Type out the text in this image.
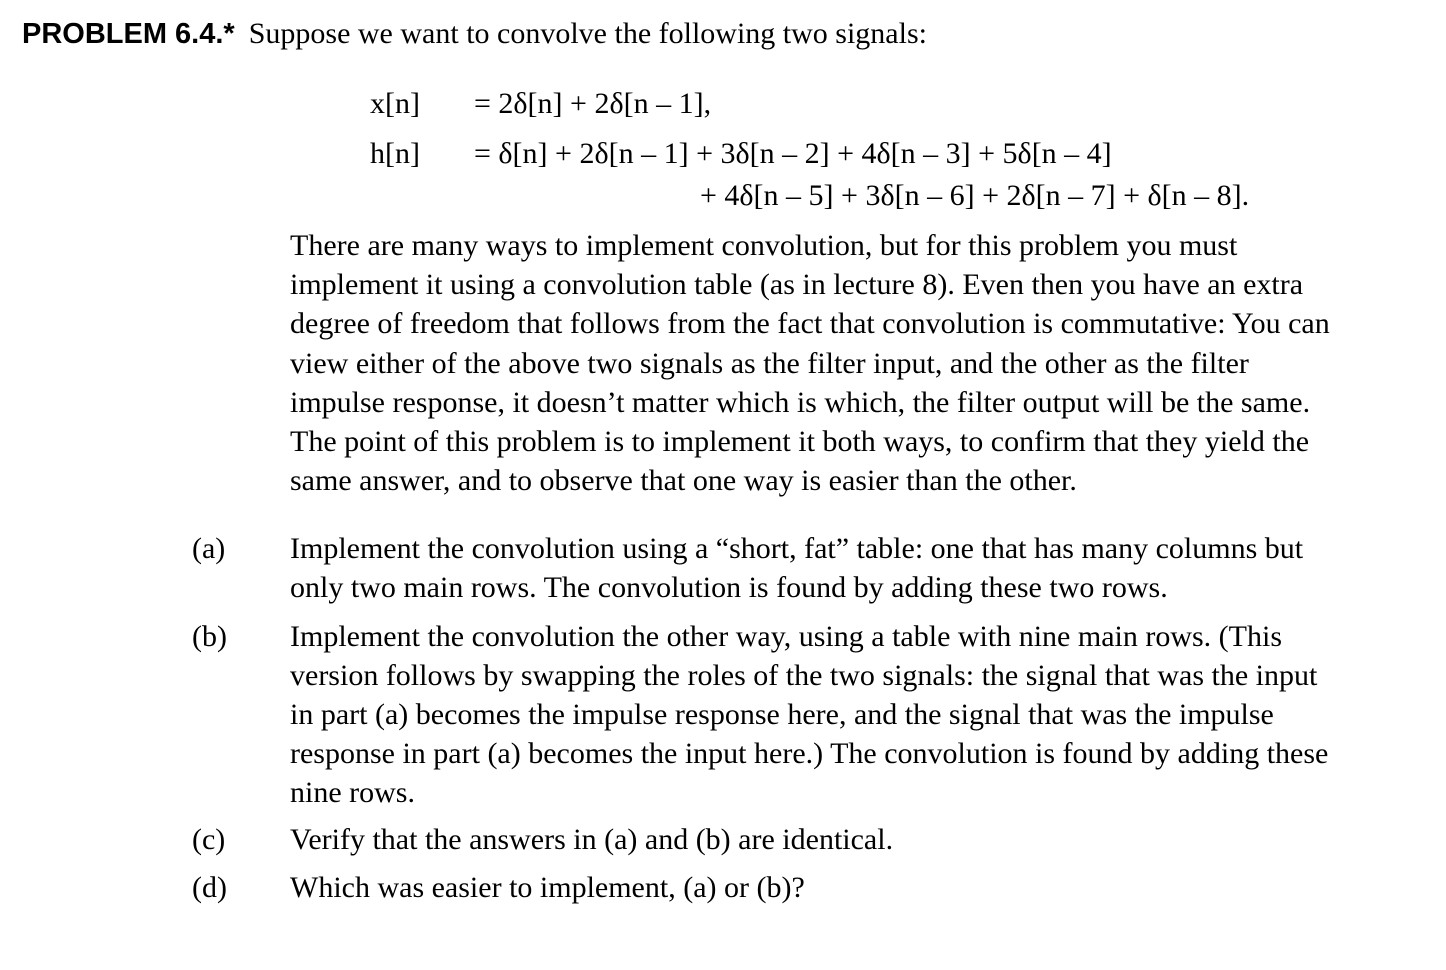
PROBLEM 6.4.* Suppose we want to convolve the following two signals:
x[n] = 2δ[n] + 2δ[n – 1],
h[n] = δ[n] + 2δ[n – 1] + 3δ[n – 2] + 4δ[n – 3] + 5δ[n – 4]
+ 4δ[n – 5] + 3δ[n – 6] + 2δ[n – 7] + δ[n – 8].
There are many ways to implement convolution, but for this problem you must
implement it using a convolution table (as in lecture 8). Even then you have an extra
degree of freedom that follows from the fact that convolution is commutative: You can
view either of the above two signals as the filter input, and the other as the filter
impulse response, it doesn’t matter which is which, the filter output will be the same.
The point of this problem is to implement it both ways, to confirm that they yield the
same answer, and to observe that one way is easier than the other.
(a) Implement the convolution using a “short, fat” table: one that has many columns but
only two main rows. The convolution is found by adding these two rows.
(b) Implement the convolution the other way, using a table with nine main rows. (This
version follows by swapping the roles of the two signals: the signal that was the input
in part (a) becomes the impulse response here, and the signal that was the impulse
response in part (a) becomes the input here.) The convolution is found by adding these
nine rows.
(c) Verify that the answers in (a) and (b) are identical.
(d) Which was easier to implement, (a) or (b)?
